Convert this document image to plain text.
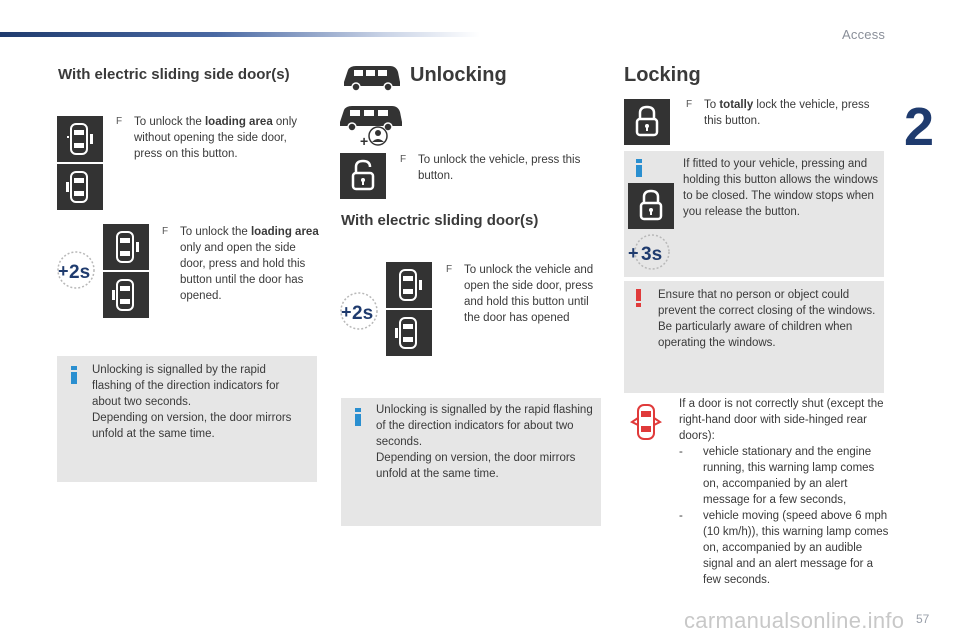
Access
2
With electric sliding side door(s)
F To unlock the loading area only without opening the side door, press on this button.
+ 2s
F To unlock the loading area only and open the side door, press and hold this button until the door has opened.
Unlocking is signalled by the rapid flashing of the direction indicators for about two seconds.
Depending on version, the door mirrors unfold at the same time.
Unlocking
+
F To unlock the vehicle, press this button.
With electric sliding door(s)
+ 2s
F To unlock the vehicle and open the side door, press and hold this button until the door has opened
Unlocking is signalled by the rapid flashing of the direction indicators for about two seconds.
Depending on version, the door mirrors unfold at the same time.
Locking
F To totally lock the vehicle, press this button.
+ 3s
If fitted to your vehicle, pressing and holding this button allows the windows to be closed. The window stops when you release the button.
Ensure that no person or object could prevent the correct closing of the windows.
Be particularly aware of children when operating the windows.
If a door is not correctly shut (except the right-hand door with side-hinged rear doors):
- vehicle stationary and the engine running, this warning lamp comes on, accompanied by an alert message for a few seconds,
- vehicle moving (speed above 6 mph (10 km/h)), this warning lamp comes on, accompanied by an audible signal and an alert message for a few seconds.
carmanualsonline.info 57
